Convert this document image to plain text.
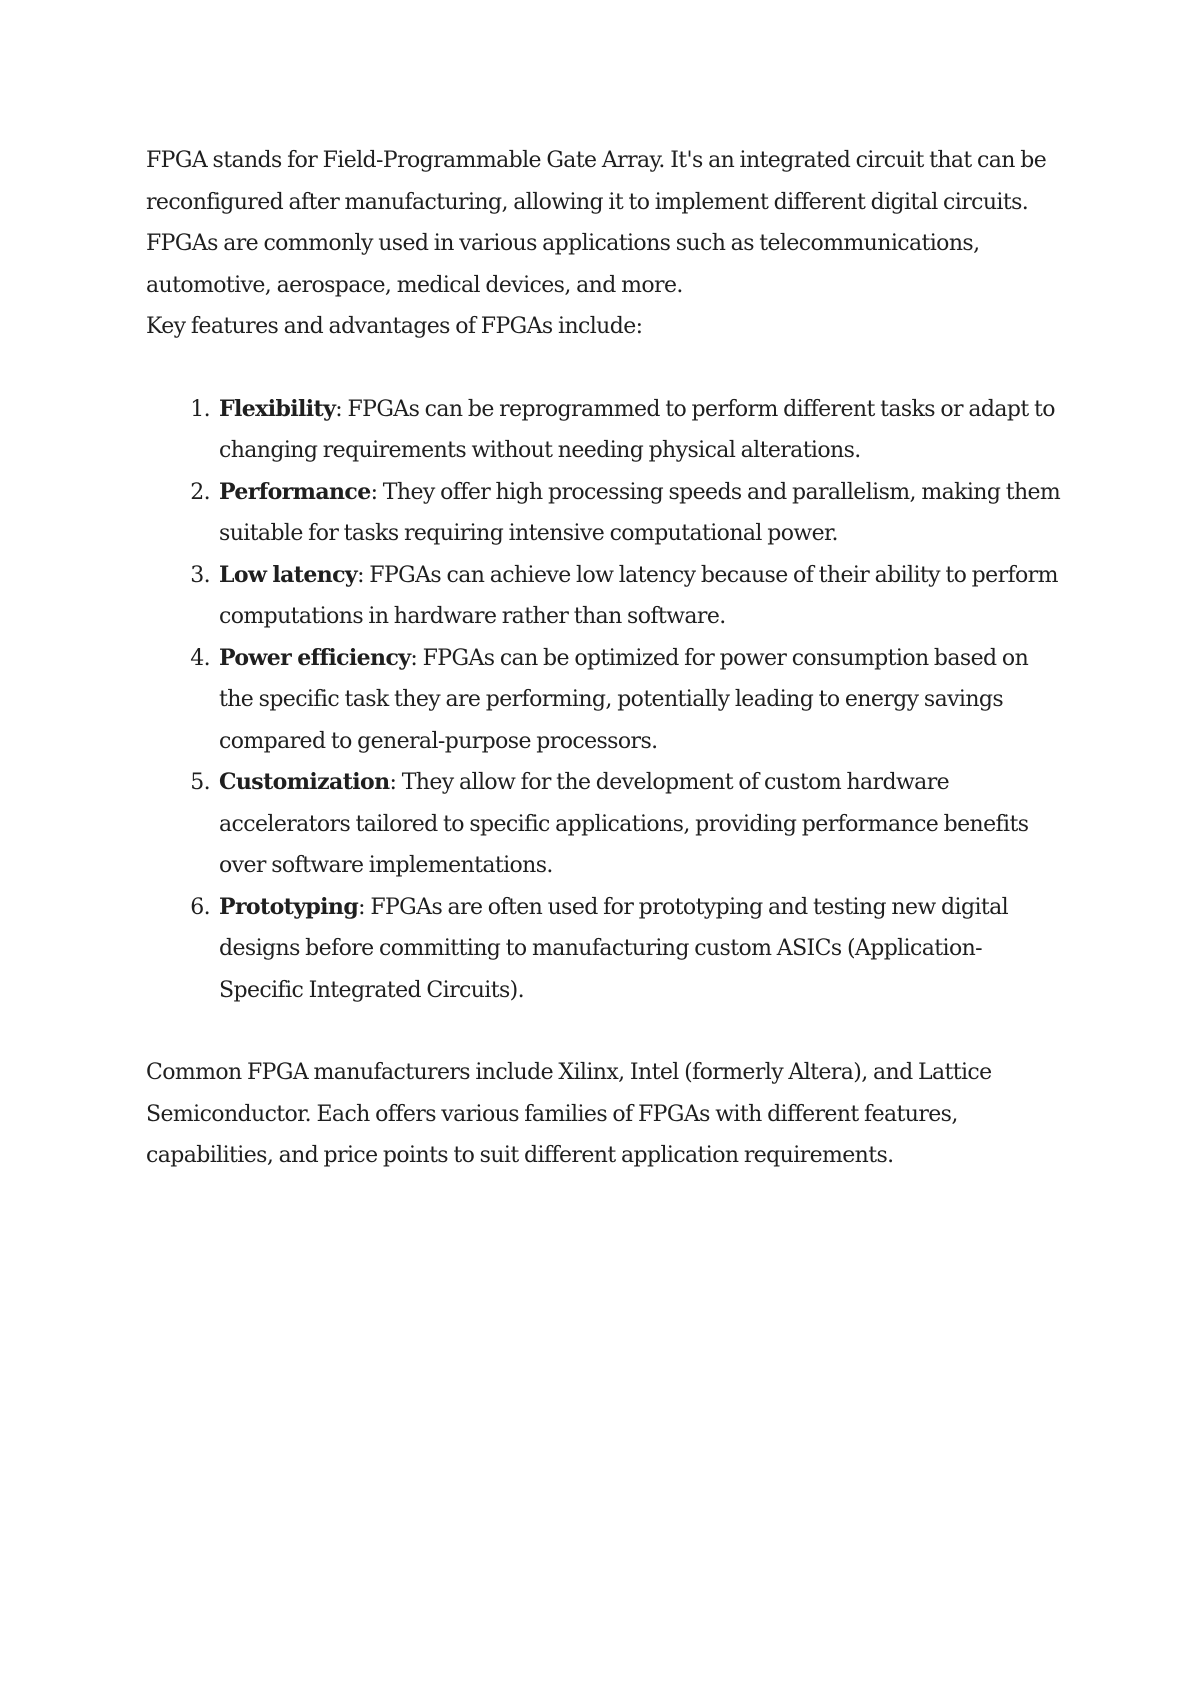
FPGA stands for Field-Programmable Gate Array. It's an integrated circuit that can be reconfigured after manufacturing, allowing it to implement different digital circuits. FPGAs are commonly used in various applications such as telecommunications, automotive, aerospace, medical devices, and more.

Key features and advantages of FPGAs include:

1. Flexibility: FPGAs can be reprogrammed to perform different tasks or adapt to changing requirements without needing physical alterations.
2. Performance: They offer high processing speeds and parallelism, making them suitable for tasks requiring intensive computational power.
3. Low latency: FPGAs can achieve low latency because of their ability to perform computations in hardware rather than software.
4. Power efficiency: FPGAs can be optimized for power consumption based on the specific task they are performing, potentially leading to energy savings compared to general-purpose processors.
5. Customization: They allow for the development of custom hardware accelerators tailored to specific applications, providing performance benefits over software implementations.
6. Prototyping: FPGAs are often used for prototyping and testing new digital designs before committing to manufacturing custom ASICs (Application-Specific Integrated Circuits).

Common FPGA manufacturers include Xilinx, Intel (formerly Altera), and Lattice Semiconductor. Each offers various families of FPGAs with different features, capabilities, and price points to suit different application requirements.
